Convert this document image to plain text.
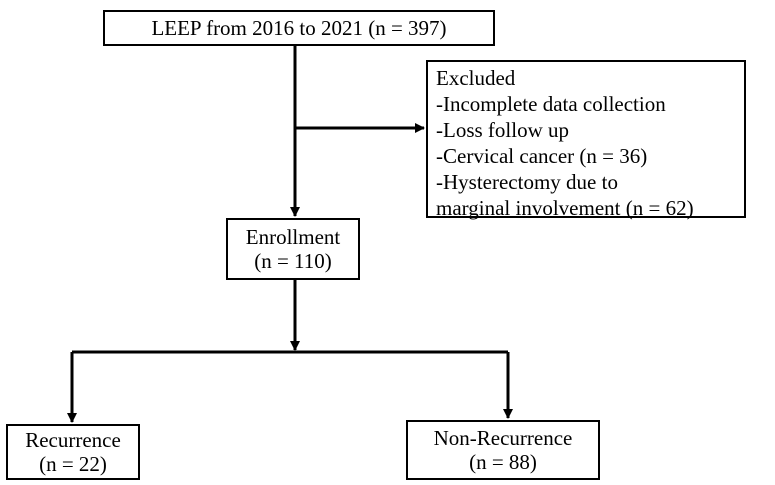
LEEP from 2016 to 2021 (n = 397)
Excluded
-Incomplete data collection
-Loss follow up
-Cervical cancer (n = 36)
-Hysterectomy due to
marginal involvement (n = 62)
Enrollment
(n = 110)
Recurrence
(n = 22)
Non-Recurrence
(n = 88)
